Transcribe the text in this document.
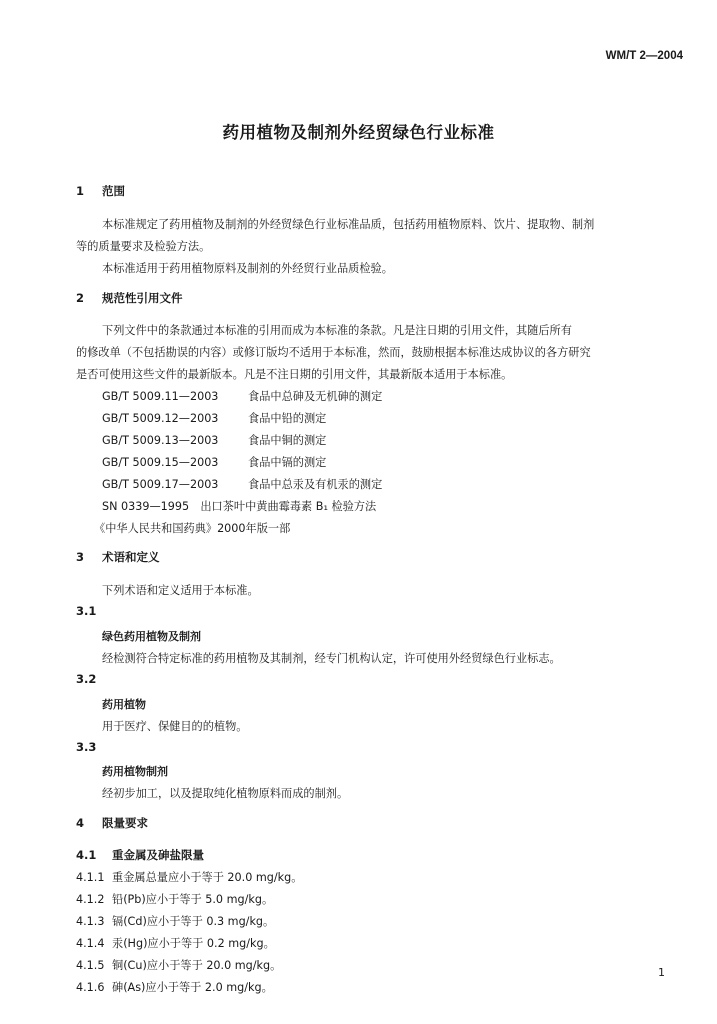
WM/T 2—2004
药用植物及制剂外经贸绿色行业标准
1 范围
本标准规定了药用植物及制剂的外经贸绿色行业标准品质，包括药用植物原料、饮片、提取物、制剂
等的质量要求及检验方法。
本标准适用于药用植物原料及制剂的外经贸行业品质检验。
2 规范性引用文件
下列文件中的条款通过本标准的引用而成为本标准的条款。凡是注日期的引用文件，其随后所有
的修改单（不包括勘误的内容）或修订版均不适用于本标准，然而，鼓励根据本标准达成协议的各方研究
是否可使用这些文件的最新版本。凡是不注日期的引用文件，其最新版本适用于本标准。
GB/T 5009.11—2003	食品中总砷及无机砷的测定
GB/T 5009.12—2003	食品中铅的测定
GB/T 5009.13—2003	食品中铜的测定
GB/T 5009.15—2003	食品中镉的测定
GB/T 5009.17—2003	食品中总汞及有机汞的测定
SN 0339—1995　出口茶叶中黄曲霉毒素 B₁ 检验方法
《中华人民共和国药典》2000年版一部
3 术语和定义
下列术语和定义适用于本标准。
3.1
绿色药用植物及制剂
经检测符合特定标准的药用植物及其制剂，经专门机构认定，许可使用外经贸绿色行业标志。
3.2
药用植物
用于医疗、保健目的的植物。
3.3
药用植物制剂
经初步加工，以及提取纯化植物原料而成的制剂。
4 限量要求
4.1 重金属及砷盐限量
4.1.1 重金属总量应小于等于 20.0 mg/kg。
4.1.2 铅(Pb)应小于等于 5.0 mg/kg。
4.1.3 镉(Cd)应小于等于 0.3 mg/kg。
4.1.4 汞(Hg)应小于等于 0.2 mg/kg。
4.1.5 铜(Cu)应小于等于 20.0 mg/kg。
4.1.6 砷(As)应小于等于 2.0 mg/kg。
1
